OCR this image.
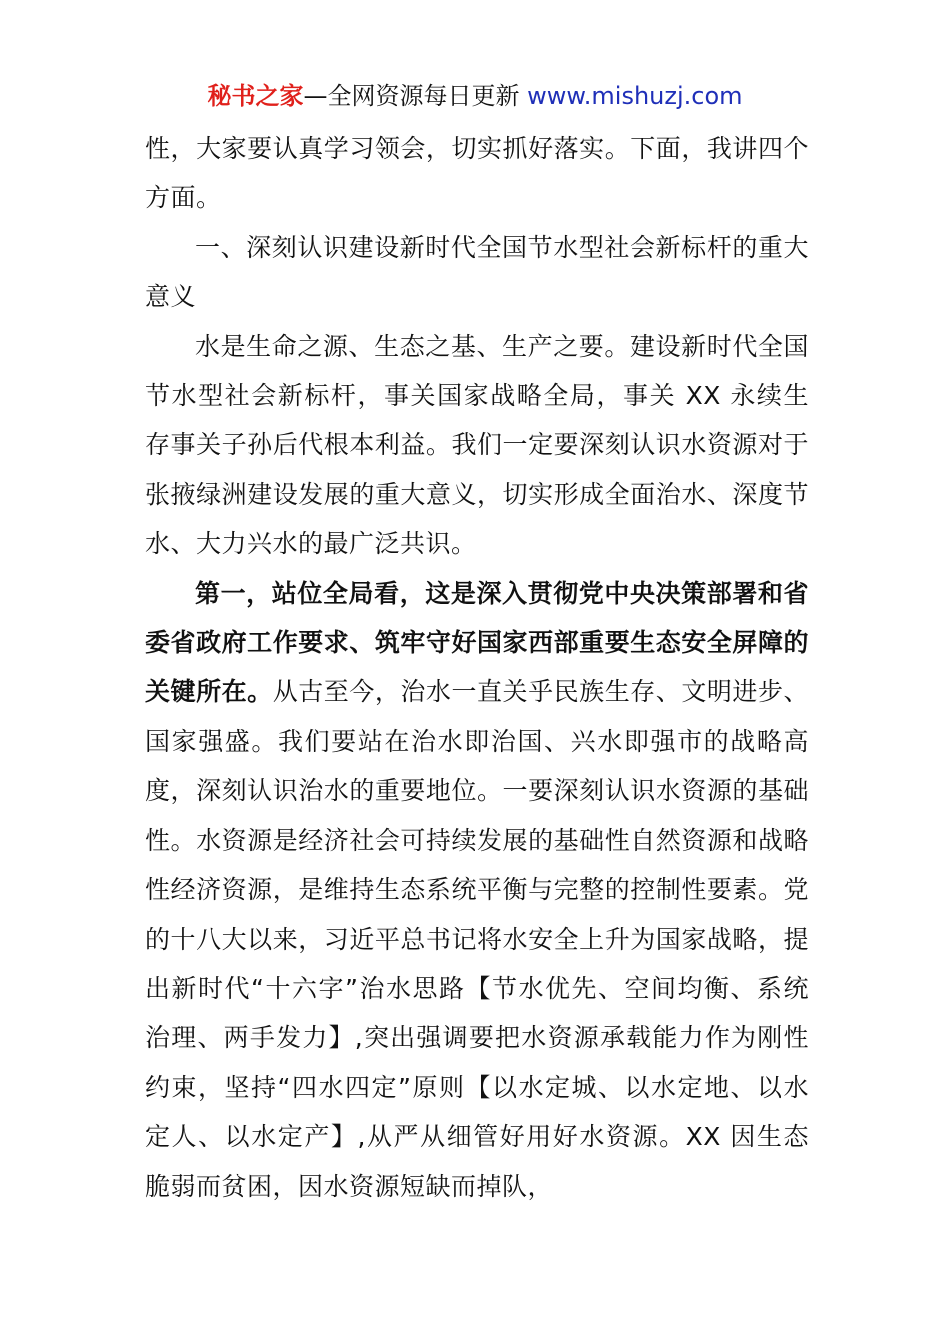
秘书之家—全网资源每日更新 www.mishuzj.com

性，大家要认真学习领会，切实抓好落实。下面，我讲四个方面。

一、深刻认识建设新时代全国节水型社会新标杆的重大意义

水是生命之源、生态之基、生产之要。建设新时代全国节水型社会新标杆，事关国家战略全局，事关 XX 永续生存事关子孙后代根本利益。我们一定要深刻认识水资源对于张掖绿洲建设发展的重大意义，切实形成全面治水、深度节水、大力兴水的最广泛共识。

第一，站位全局看，这是深入贯彻党中央决策部署和省委省政府工作要求、筑牢守好国家西部重要生态安全屏障的关键所在。从古至今，治水一直关乎民族生存、文明进步、国家强盛。我们要站在治水即治国、兴水即强市的战略高度，深刻认识治水的重要地位。一要深刻认识水资源的基础性。水资源是经济社会可持续发展的基础性自然资源和战略性经济资源，是维持生态系统平衡与完整的控制性要素。党的十八大以来，习近平总书记将水安全上升为国家战略，提出新时代“十六字”治水思路【节水优先、空间均衡、系统治理、两手发力】,突出强调要把水资源承载能力作为刚性约束，坚持“四水四定”原则【以水定城、以水定地、以水定人、以水定产】,从严从细管好用好水资源。XX 因生态脆弱而贫困，因水资源短缺而掉队，
